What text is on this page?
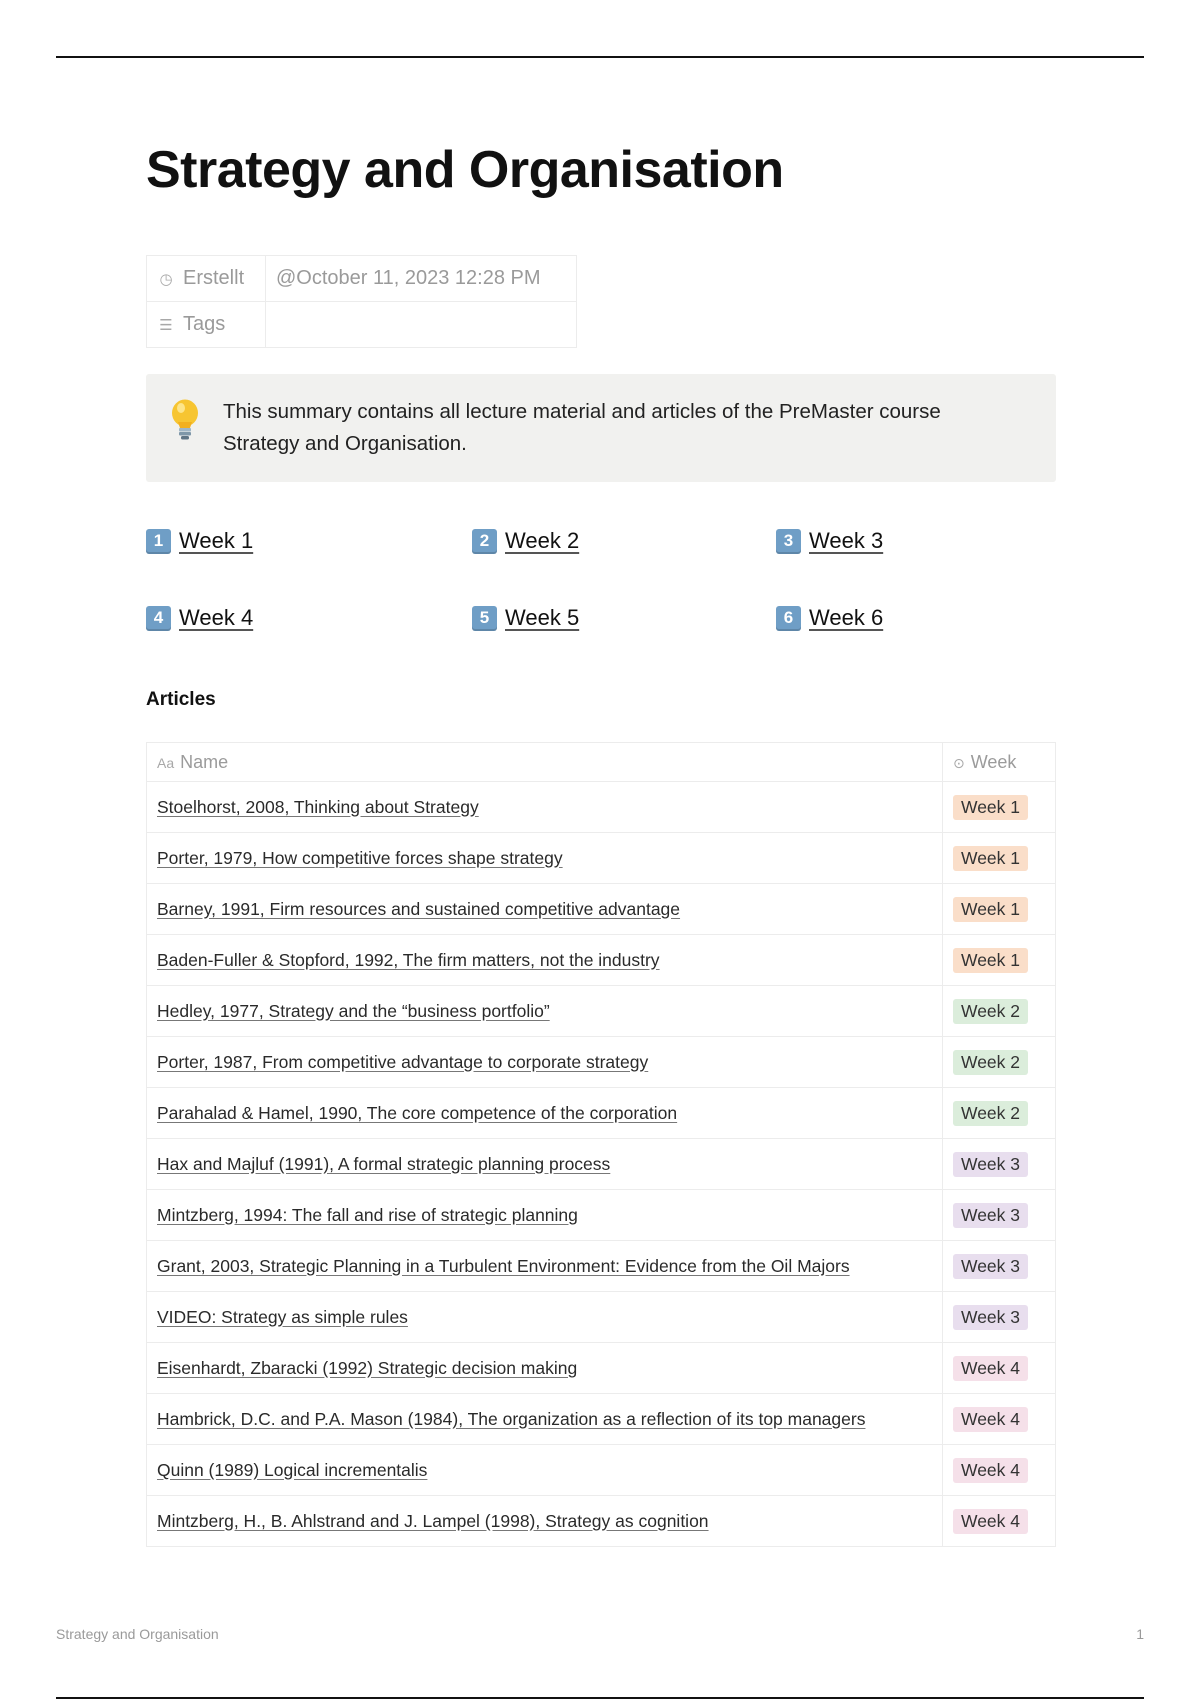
Strategy and Organisation
◷ Erstellt	@October 11, 2023 12:28 PM
☰ Tags	
This summary contains all lecture material and articles of the PreMaster course Strategy and Organisation.
1 Week 1	2 Week 2	3 Week 3
4 Week 4	5 Week 5	6 Week 6
Articles
Aa Name	⊙ Week
Stoelhorst, 2008, Thinking about Strategy	Week 1
Porter, 1979, How competitive forces shape strategy	Week 1
Barney, 1991, Firm resources and sustained competitive advantage	Week 1
Baden-Fuller & Stopford, 1992, The firm matters, not the industry	Week 1
Hedley, 1977, Strategy and the “business portfolio”	Week 2
Porter, 1987, From competitive advantage to corporate strategy	Week 2
Parahalad & Hamel, 1990, The core competence of the corporation	Week 2
Hax and Majluf (1991), A formal strategic planning process	Week 3
Mintzberg, 1994: The fall and rise of strategic planning	Week 3
Grant, 2003, Strategic Planning in a Turbulent Environment: Evidence from the Oil Majors	Week 3
VIDEO: Strategy as simple rules	Week 3
Eisenhardt, Zbaracki (1992) Strategic decision making	Week 4
Hambrick, D.C. and P.A. Mason (1984), The organization as a reflection of its top managers	Week 4
Quinn (1989) Logical incrementalis	Week 4
Mintzberg, H., B. Ahlstrand and J. Lampel (1998), Strategy as cognition	Week 4
Strategy and Organisation	1
